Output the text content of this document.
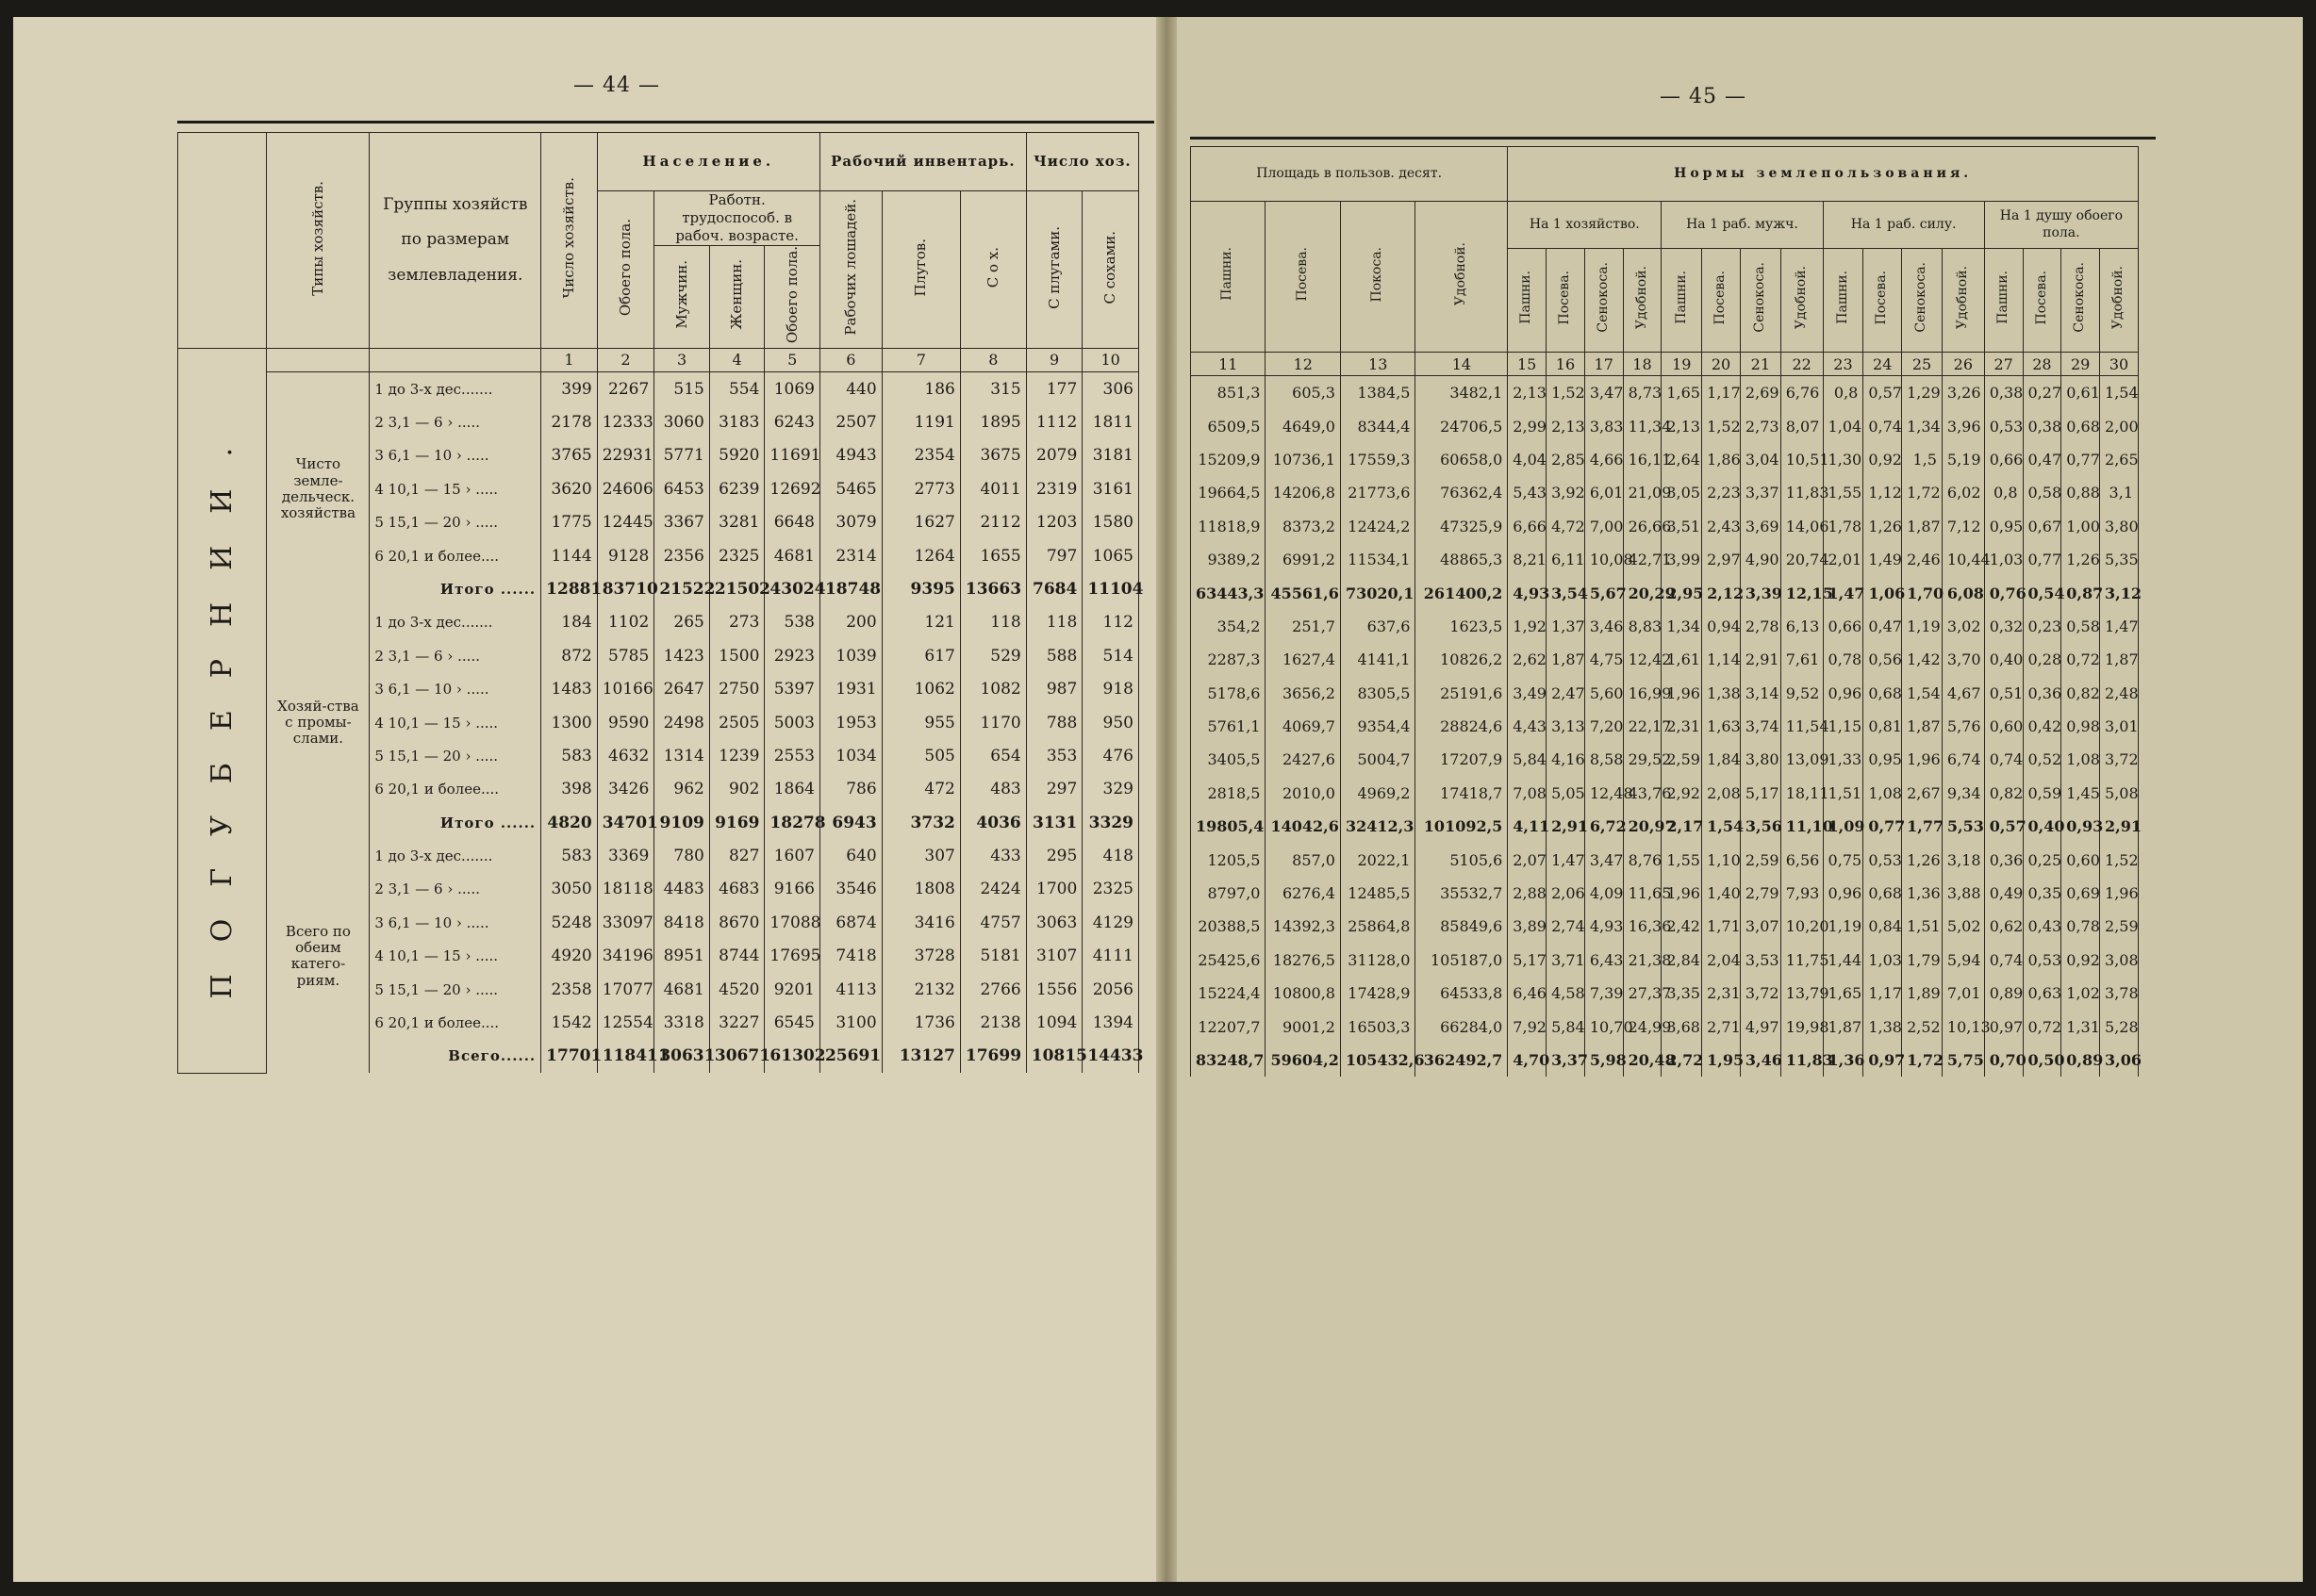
— 44 —	— 45 —
	Типы хозяйств.	Группы хозяйств по размерам землевладения.	Число хозяйств.	Население.				Рабочий инвентарь.			Число хоз.	
				Обоего пола.	Работн. трудоспособ. в рабоч. возрасте.			Рабочих лошадей.	Плугов.	С о х.	С плугами.	С сохами.
					Мужчин.	Женщин.	Обоего пола.					
ПОГУБЕРНИИ.			1	2	3	4	5	6	7	8	9	10
	Чисто земле-дельческ. хозяйства	1 до 3-х дес.......	399	2267	515	554	1069	440	186	315	177	306
		2 3,1 — 6 › .....	2178	12333	3060	3183	6243	2507	1191	1895	1112	1811
		3 6,1 — 10 › .....	3765	22931	5771	5920	11691	4943	2354	3675	2079	3181
		4 10,1 — 15 › .....	3620	24606	6453	6239	12692	5465	2773	4011	2319	3161
		5 15,1 — 20 › .....	1775	12445	3367	3281	6648	3079	1627	2112	1203	1580
		6 20,1 и более....	1144	9128	2356	2325	4681	2314	1264	1655	797	1065
		Итого ......	12881	83710	21522	21502	43024	18748	9395	13663	7684	11104
	Хозяй-ства с промы-слами.	1 до 3-х дес.......	184	1102	265	273	538	200	121	118	118	112
		2 3,1 — 6 › .....	872	5785	1423	1500	2923	1039	617	529	588	514
		3 6,1 — 10 › .....	1483	10166	2647	2750	5397	1931	1062	1082	987	918
		4 10,1 — 15 › .....	1300	9590	2498	2505	5003	1953	955	1170	788	950
		5 15,1 — 20 › .....	583	4632	1314	1239	2553	1034	505	654	353	476
		6 20,1 и более....	398	3426	962	902	1864	786	472	483	297	329
		Итого ......	4820	34701	9109	9169	18278	6943	3732	4036	3131	3329
	Всего по обеим катего-риям.	1 до 3-х дес.......	583	3369	780	827	1607	640	307	433	295	418
		2 3,1 — 6 › .....	3050	18118	4483	4683	9166	3546	1808	2424	1700	2325
		3 6,1 — 10 › .....	5248	33097	8418	8670	17088	6874	3416	4757	3063	4129
		4 10,1 — 15 › .....	4920	34196	8951	8744	17695	7418	3728	5181	3107	4111
		5 15,1 — 20 › .....	2358	17077	4681	4520	9201	4113	2132	2766	1556	2056
		6 20,1 и более....	1542	12554	3318	3227	6545	3100	1736	2138	1094	1394
		Всего......	17701	118411	30631	30671	61302	25691	13127	17699	10815	14433
Площадь в пользов. десят.				Нормы землепользования.															
Пашни.	Посева.	Покоса.	Удобной.	На 1 хозяйство.				На 1 раб. мужч.				На 1 раб. силу.				На 1 душу обоего пола.			
				Пашни.	Посева.	Сенокоса.	Удобной.	Пашни.	Посева.	Сенокоса.	Удобной.	Пашни.	Посева.	Сенокоса.	Удобной.	Пашни.	Посева.	Сенокоса.	Удобной.
11	12	13	14	15	16	17	18	19	20	21	22	23	24	25	26	27	28	29	30
851,3	605,3	1384,5	3482,1	2,13	1,52	3,47	8,73	1,65	1,17	2,69	6,76	0,8	0,57	1,29	3,26	0,38	0,27	0,61	1,54
6509,5	4649,0	8344,4	24706,5	2,99	2,13	3,83	11,34	2,13	1,52	2,73	8,07	1,04	0,74	1,34	3,96	0,53	0,38	0,68	2,00
15209,9	10736,1	17559,3	60658,0	4,04	2,85	4,66	16,11	2,64	1,86	3,04	10,51	1,30	0,92	1,5	5,19	0,66	0,47	0,77	2,65
19664,5	14206,8	21773,6	76362,4	5,43	3,92	6,01	21,09	3,05	2,23	3,37	11,83	1,55	1,12	1,72	6,02	0,8	0,58	0,88	3,1
11818,9	8373,2	12424,2	47325,9	6,66	4,72	7,00	26,66	3,51	2,43	3,69	14,06	1,78	1,26	1,87	7,12	0,95	0,67	1,00	3,80
9389,2	6991,2	11534,1	48865,3	8,21	6,11	10,08	42,71	3,99	2,97	4,90	20,74	2,01	1,49	2,46	10,44	1,03	0,77	1,26	5,35
63443,3	45561,6	73020,1	261400,2	4,93	3,54	5,67	20,29	2,95	2,12	3,39	12,15	1,47	1,06	1,70	6,08	0,76	0,54	0,87	3,12
354,2	251,7	637,6	1623,5	1,92	1,37	3,46	8,83	1,34	0,94	2,78	6,13	0,66	0,47	1,19	3,02	0,32	0,23	0,58	1,47
2287,3	1627,4	4141,1	10826,2	2,62	1,87	4,75	12,42	1,61	1,14	2,91	7,61	0,78	0,56	1,42	3,70	0,40	0,28	0,72	1,87
5178,6	3656,2	8305,5	25191,6	3,49	2,47	5,60	16,99	1,96	1,38	3,14	9,52	0,96	0,68	1,54	4,67	0,51	0,36	0,82	2,48
5761,1	4069,7	9354,4	28824,6	4,43	3,13	7,20	22,17	2,31	1,63	3,74	11,54	1,15	0,81	1,87	5,76	0,60	0,42	0,98	3,01
3405,5	2427,6	5004,7	17207,9	5,84	4,16	8,58	29,52	2,59	1,84	3,80	13,09	1,33	0,95	1,96	6,74	0,74	0,52	1,08	3,72
2818,5	2010,0	4969,2	17418,7	7,08	5,05	12,48	43,76	2,92	2,08	5,17	18,11	1,51	1,08	2,67	9,34	0,82	0,59	1,45	5,08
19805,4	14042,6	32412,3	101092,5	4,11	2,91	6,72	20,97	2,17	1,54	3,56	11,10	1,09	0,77	1,77	5,53	0,57	0,40	0,93	2,91
1205,5	857,0	2022,1	5105,6	2,07	1,47	3,47	8,76	1,55	1,10	2,59	6,56	0,75	0,53	1,26	3,18	0,36	0,25	0,60	1,52
8797,0	6276,4	12485,5	35532,7	2,88	2,06	4,09	11,65	1,96	1,40	2,79	7,93	0,96	0,68	1,36	3,88	0,49	0,35	0,69	1,96
20388,5	14392,3	25864,8	85849,6	3,89	2,74	4,93	16,36	2,42	1,71	3,07	10,20	1,19	0,84	1,51	5,02	0,62	0,43	0,78	2,59
25425,6	18276,5	31128,0	105187,0	5,17	3,71	6,43	21,38	2,84	2,04	3,53	11,75	1,44	1,03	1,79	5,94	0,74	0,53	0,92	3,08
15224,4	10800,8	17428,9	64533,8	6,46	4,58	7,39	27,37	3,35	2,31	3,72	13,79	1,65	1,17	1,89	7,01	0,89	0,63	1,02	3,78
12207,7	9001,2	16503,3	66284,0	7,92	5,84	10,70	24,99	3,68	2,71	4,97	19,98	1,87	1,38	2,52	10,13	0,97	0,72	1,31	5,28
83248,7	59604,2	105432,6	362492,7	4,70	3,37	5,98	20,48	2,72	1,95	3,46	11,83	1,36	0,97	1,72	5,75	0,70	0,50	0,89	3,06
